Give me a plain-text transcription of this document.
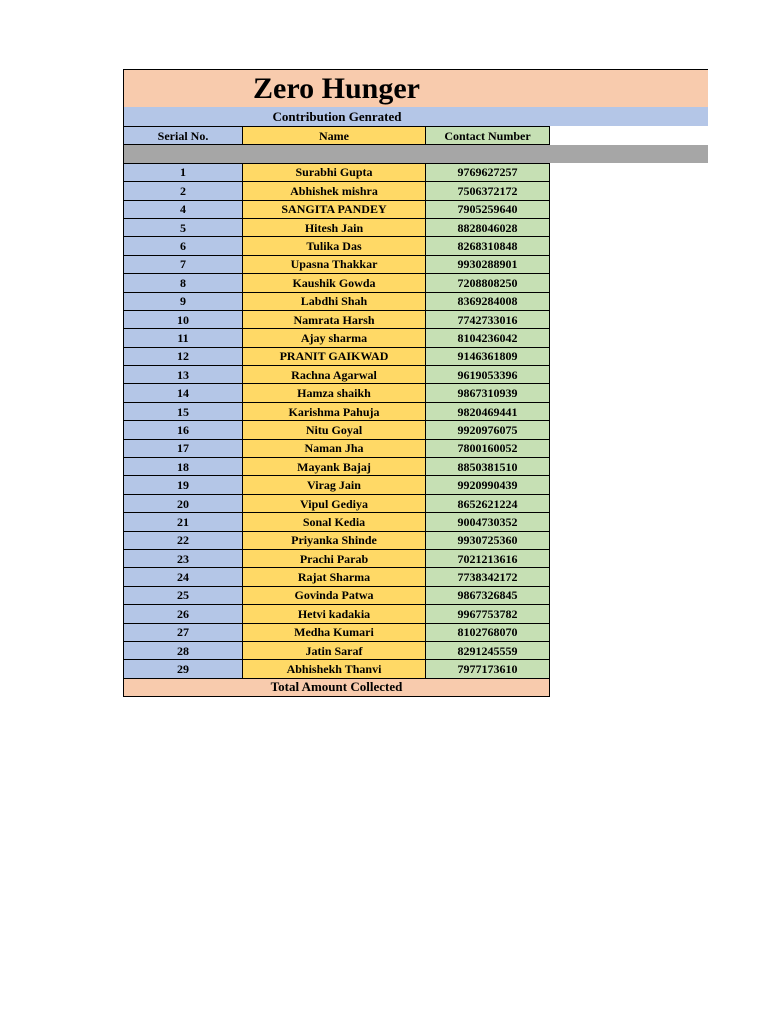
Zero Hunger
Contribution Genrated
Serial No.	Name	Contact Number

1	Surabhi Gupta	9769627257
2	Abhishek mishra	7506372172
4	SANGITA PANDEY	7905259640
5	Hitesh Jain	8828046028
6	Tulika Das	8268310848
7	Upasna Thakkar	9930288901
8	Kaushik Gowda	7208808250
9	Labdhi Shah	8369284008
10	Namrata Harsh	7742733016
11	Ajay sharma	8104236042
12	PRANIT GAIKWAD	9146361809
13	Rachna Agarwal	9619053396
14	Hamza shaikh	9867310939
15	Karishma Pahuja	9820469441
16	Nitu Goyal	9920976075
17	Naman Jha	7800160052
18	Mayank Bajaj	8850381510
19	Virag Jain	9920990439
20	Vipul Gediya	8652621224
21	Sonal Kedia	9004730352
22	Priyanka Shinde	9930725360
23	Prachi Parab	7021213616
24	Rajat Sharma	7738342172
25	Govinda Patwa	9867326845
26	Hetvi kadakia	9967753782
27	Medha Kumari	8102768070
28	Jatin Saraf	8291245559
29	Abhishekh Thanvi	7977173610
Total Amount Collected		
